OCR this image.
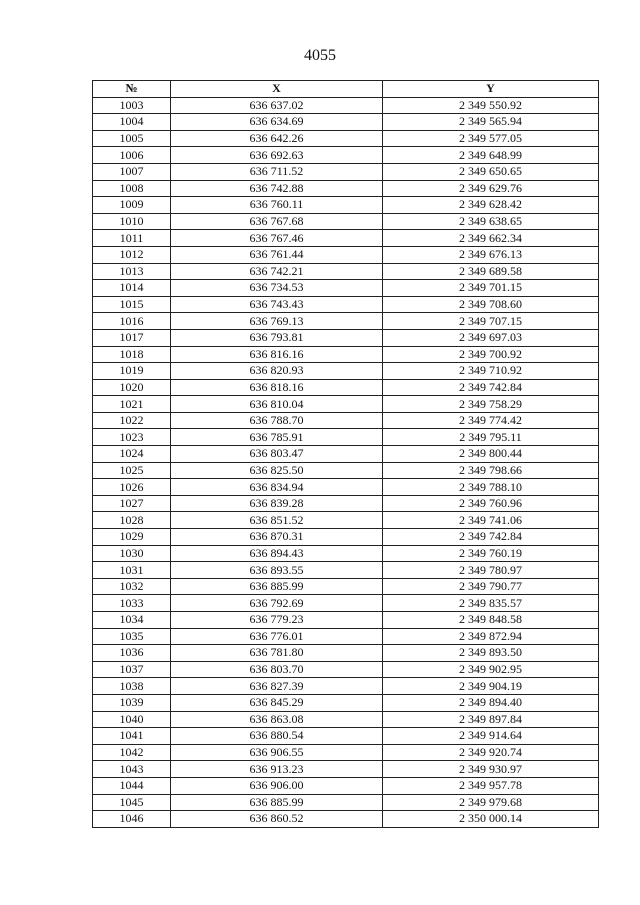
4055
№	X	Y
1003	636 637.02	2 349 550.92
1004	636 634.69	2 349 565.94
1005	636 642.26	2 349 577.05
1006	636 692.63	2 349 648.99
1007	636 711.52	2 349 650.65
1008	636 742.88	2 349 629.76
1009	636 760.11	2 349 628.42
1010	636 767.68	2 349 638.65
1011	636 767.46	2 349 662.34
1012	636 761.44	2 349 676.13
1013	636 742.21	2 349 689.58
1014	636 734.53	2 349 701.15
1015	636 743.43	2 349 708.60
1016	636 769.13	2 349 707.15
1017	636 793.81	2 349 697.03
1018	636 816.16	2 349 700.92
1019	636 820.93	2 349 710.92
1020	636 818.16	2 349 742.84
1021	636 810.04	2 349 758.29
1022	636 788.70	2 349 774.42
1023	636 785.91	2 349 795.11
1024	636 803.47	2 349 800.44
1025	636 825.50	2 349 798.66
1026	636 834.94	2 349 788.10
1027	636 839.28	2 349 760.96
1028	636 851.52	2 349 741.06
1029	636 870.31	2 349 742.84
1030	636 894.43	2 349 760.19
1031	636 893.55	2 349 780.97
1032	636 885.99	2 349 790.77
1033	636 792.69	2 349 835.57
1034	636 779.23	2 349 848.58
1035	636 776.01	2 349 872.94
1036	636 781.80	2 349 893.50
1037	636 803.70	2 349 902.95
1038	636 827.39	2 349 904.19
1039	636 845.29	2 349 894.40
1040	636 863.08	2 349 897.84
1041	636 880.54	2 349 914.64
1042	636 906.55	2 349 920.74
1043	636 913.23	2 349 930.97
1044	636 906.00	2 349 957.78
1045	636 885.99	2 349 979.68
1046	636 860.52	2 350 000.14
